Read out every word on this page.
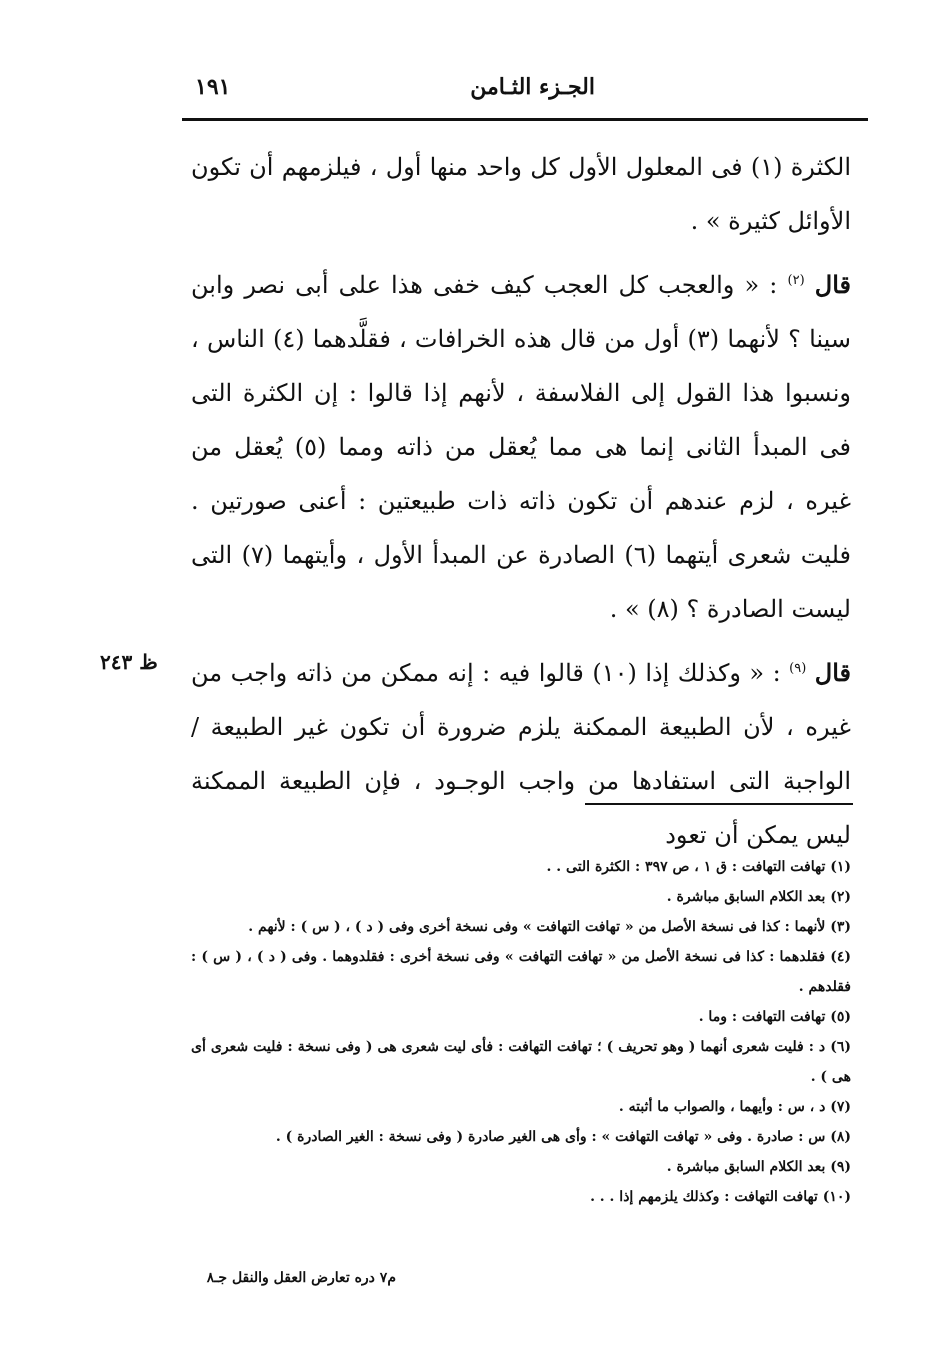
الجـزء الثـامن
١٩١

الكثرة (١) فى المعلول الأول كل واحد منها أول ، فيلزمهم أن تكون الأوائل كثيرة » .

قال $^{(٢)}$ : « والعجب كل العجب كيف خفى هذا على أبى نصر وابن سينا ؟ لأنهما (٣) أول من قال هذه الخرافات ، فقلَّدهما (٤) الناس ، ونسبوا هذا القول إلى الفلاسفة ، لأنهم إذا قالوا : إن الكثرة التى فى المبدأ الثانى إنما هى مما يُعقل من ذاته ومما (٥) يُعقل من غيره ، لزم عندهم أن تكون ذاته ذات طبيعتين : أعنى صورتين . فليت شعرى أيتهما (٦) الصادرة عن المبدأ الأول ، وأيتهما (٧) التى ليست الصادرة ؟ (٨) » .

قال $^{(٩)}$ : « وكذلك إذا (١٠) قالوا فيه : إنه ممكن من ذاته واجب من غيره ، لأن الطبيعة الممكنة يلزم ضرورة أن تكون غير الطبيعة / الواجبة التى استفادها من واجب الوجـود ، فإن الطبيعة الممكنة ليس يمكن أن تعود

ظ ٢٤٣

(١) تهافت التهافت : ق ١ ، ص ٣٩٧ : الكثرة التى . .

(٢) بعد الكلام السابق مباشرة .

(٣) لأنهما : كذا فى نسخة الأصل من « تهافت التهافت » وفى نسخة أخرى وفى ( د ) ، ( س ) : لأنهم .

(٤) فقلدهما : كذا فى نسخة الأصل من « تهافت التهافت » وفى نسخة أخرى : فقلدوهما . وفى ( د ) ، ( س ) : فقلدهم .

(٥) تهافت التهافت : وما .

(٦) د : فليت شعرى أنهما ( وهو تحريف ) ؛ تهافت التهافت : فأى ليت شعرى هى ( وفى نسخة : فليت شعرى أى هى ) .

(٧) د ، س : وأيهما ، والصواب ما أثبته .

(٨) س : صادرة . وفى « تهافت التهافت » : وأى هى الغير صادرة ( وفى نسخة : الغير الصادرة ) .

(٩) بعد الكلام السابق مباشرة .

(١٠) تهافت التهافت : وكذلك يلزمهم إذا . . .

م٧ دره تعارض العقل والنقل جـ٨
